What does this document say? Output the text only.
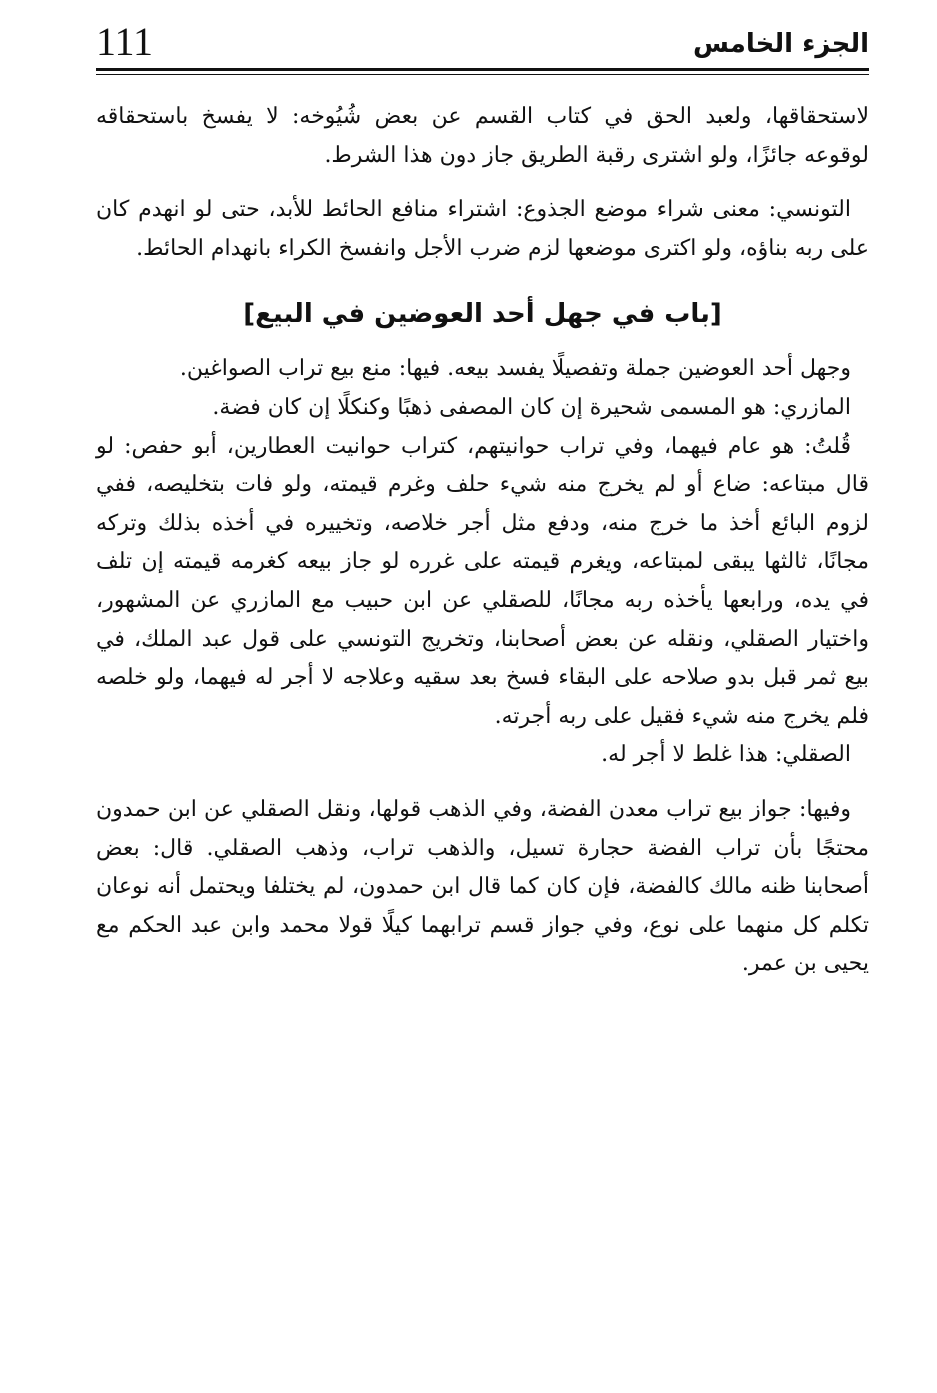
111	الجزء الخامس

لاستحقاقها، ولعبد الحق في كتاب القسم عن بعض شُيُوخه: لا يفسخ باستحقاقه لوقوعه جائزًا، ولو اشترى رقبة الطريق جاز دون هذا الشرط.

التونسي: معنى شراء موضع الجذوع: اشتراء منافع الحائط للأبد، حتى لو انهدم كان على ربه بناؤه، ولو اكترى موضعها لزم ضرب الأجل وانفسخ الكراء بانهدام الحائط.

[باب في جهل أحد العوضين في البيع]

وجهل أحد العوضين جملة وتفصيلًا يفسد بيعه. فيها: منع بيع تراب الصواغين.

المازري: هو المسمى شحيرة إن كان المصفى ذهبًا وكنكلًا إن كان فضة.

قُلتُ: هو عام فيهما، وفي تراب حوانيتهم، كتراب حوانيت العطارين، أبو حفص: لو قال مبتاعه: ضاع أو لم يخرج منه شيء حلف وغرم قيمته، ولو فات بتخليصه، ففي لزوم البائع أخذ ما خرج منه، ودفع مثل أجر خلاصه، وتخييره في أخذه بذلك وتركه مجانًا، ثالثها يبقى لمبتاعه، ويغرم قيمته على غرره لو جاز بيعه كغرمه قيمته إن تلف في يده، ورابعها يأخذه ربه مجانًا، للصقلي عن ابن حبيب مع المازري عن المشهور، واختيار الصقلي، ونقله عن بعض أصحابنا، وتخريج التونسي على قول عبد الملك، في بيع ثمر قبل بدو صلاحه على البقاء فسخ بعد سقيه وعلاجه لا أجر له فيهما، ولو خلصه فلم يخرج منه شيء فقيل على ربه أجرته.

الصقلي: هذا غلط لا أجر له.

وفيها: جواز بيع تراب معدن الفضة، وفي الذهب قولها، ونقل الصقلي عن ابن حمدون محتجًا بأن تراب الفضة حجارة تسيل، والذهب تراب، وذهب الصقلي. قال: بعض أصحابنا ظنه مالك كالفضة، فإن كان كما قال ابن حمدون، لم يختلفا ويحتمل أنه نوعان تكلم كل منهما على نوع، وفي جواز قسم ترابهما كيلًا قولا محمد وابن عبد الحكم مع يحيى بن عمر.
